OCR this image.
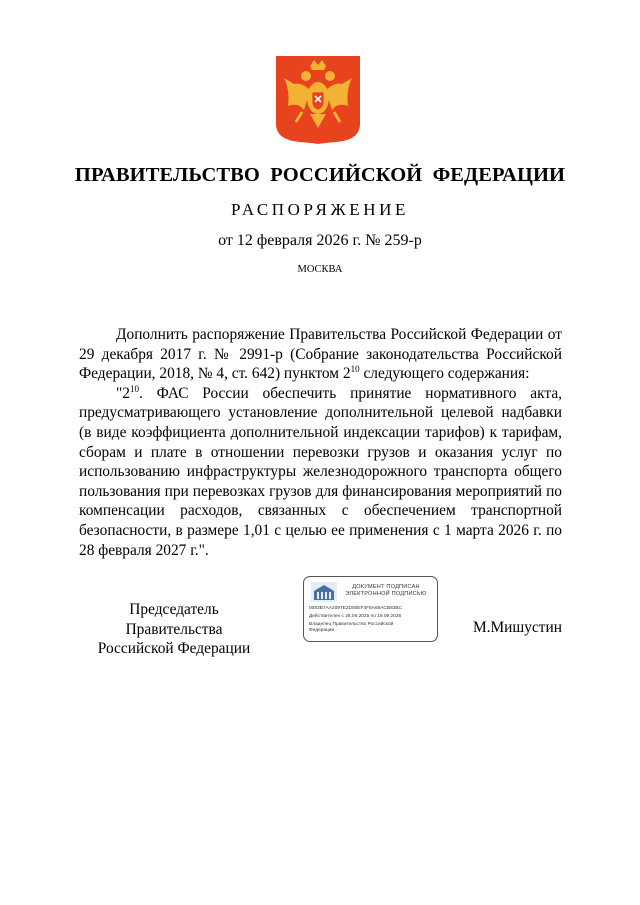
ПРАВИТЕЛЬСТВО РОССИЙСКОЙ ФЕДЕРАЦИИ
РАСПОРЯЖЕНИЕ
от 12 февраля 2026 г. № 259-р
МОСКВА

Дополнить распоряжение Правительства Российской Федерации от 29 декабря 2017 г. № 2991-р (Собрание законодательства Российской Федерации, 2018, № 4, ст. 642) пунктом $2^{10}$ следующего содержания:

"$2^{10}$. ФАС России обеспечить принятие нормативного акта, предусматривающего установление дополнительной целевой надбавки (в виде коэффициента дополнительной индексации тарифов) к тарифам, сборам и плате в отношении перевозки грузов и оказания услуг по использованию инфраструктуры железнодорожного транспорта общего пользования при перевозках грузов для финансирования мероприятий по компенсации расходов, связанных с обеспечением транспортной безопасности, в размере 1,01 с целью ее применения с 1 марта 2026 г. по 28 февраля 2027 г.".

Председатель Правительства
Российской Федерации
ДОКУМЕНТ ПОДПИСАН
ЭЛЕКТРОННОЙ ПОДПИСЬЮ
0083B7AA2097E2D00EF4F8A68ACB83BC
Действителен с 26.06.2025 по 19.09.2026
Владелец Правительство Российской
Федерации	М.Мишустин
